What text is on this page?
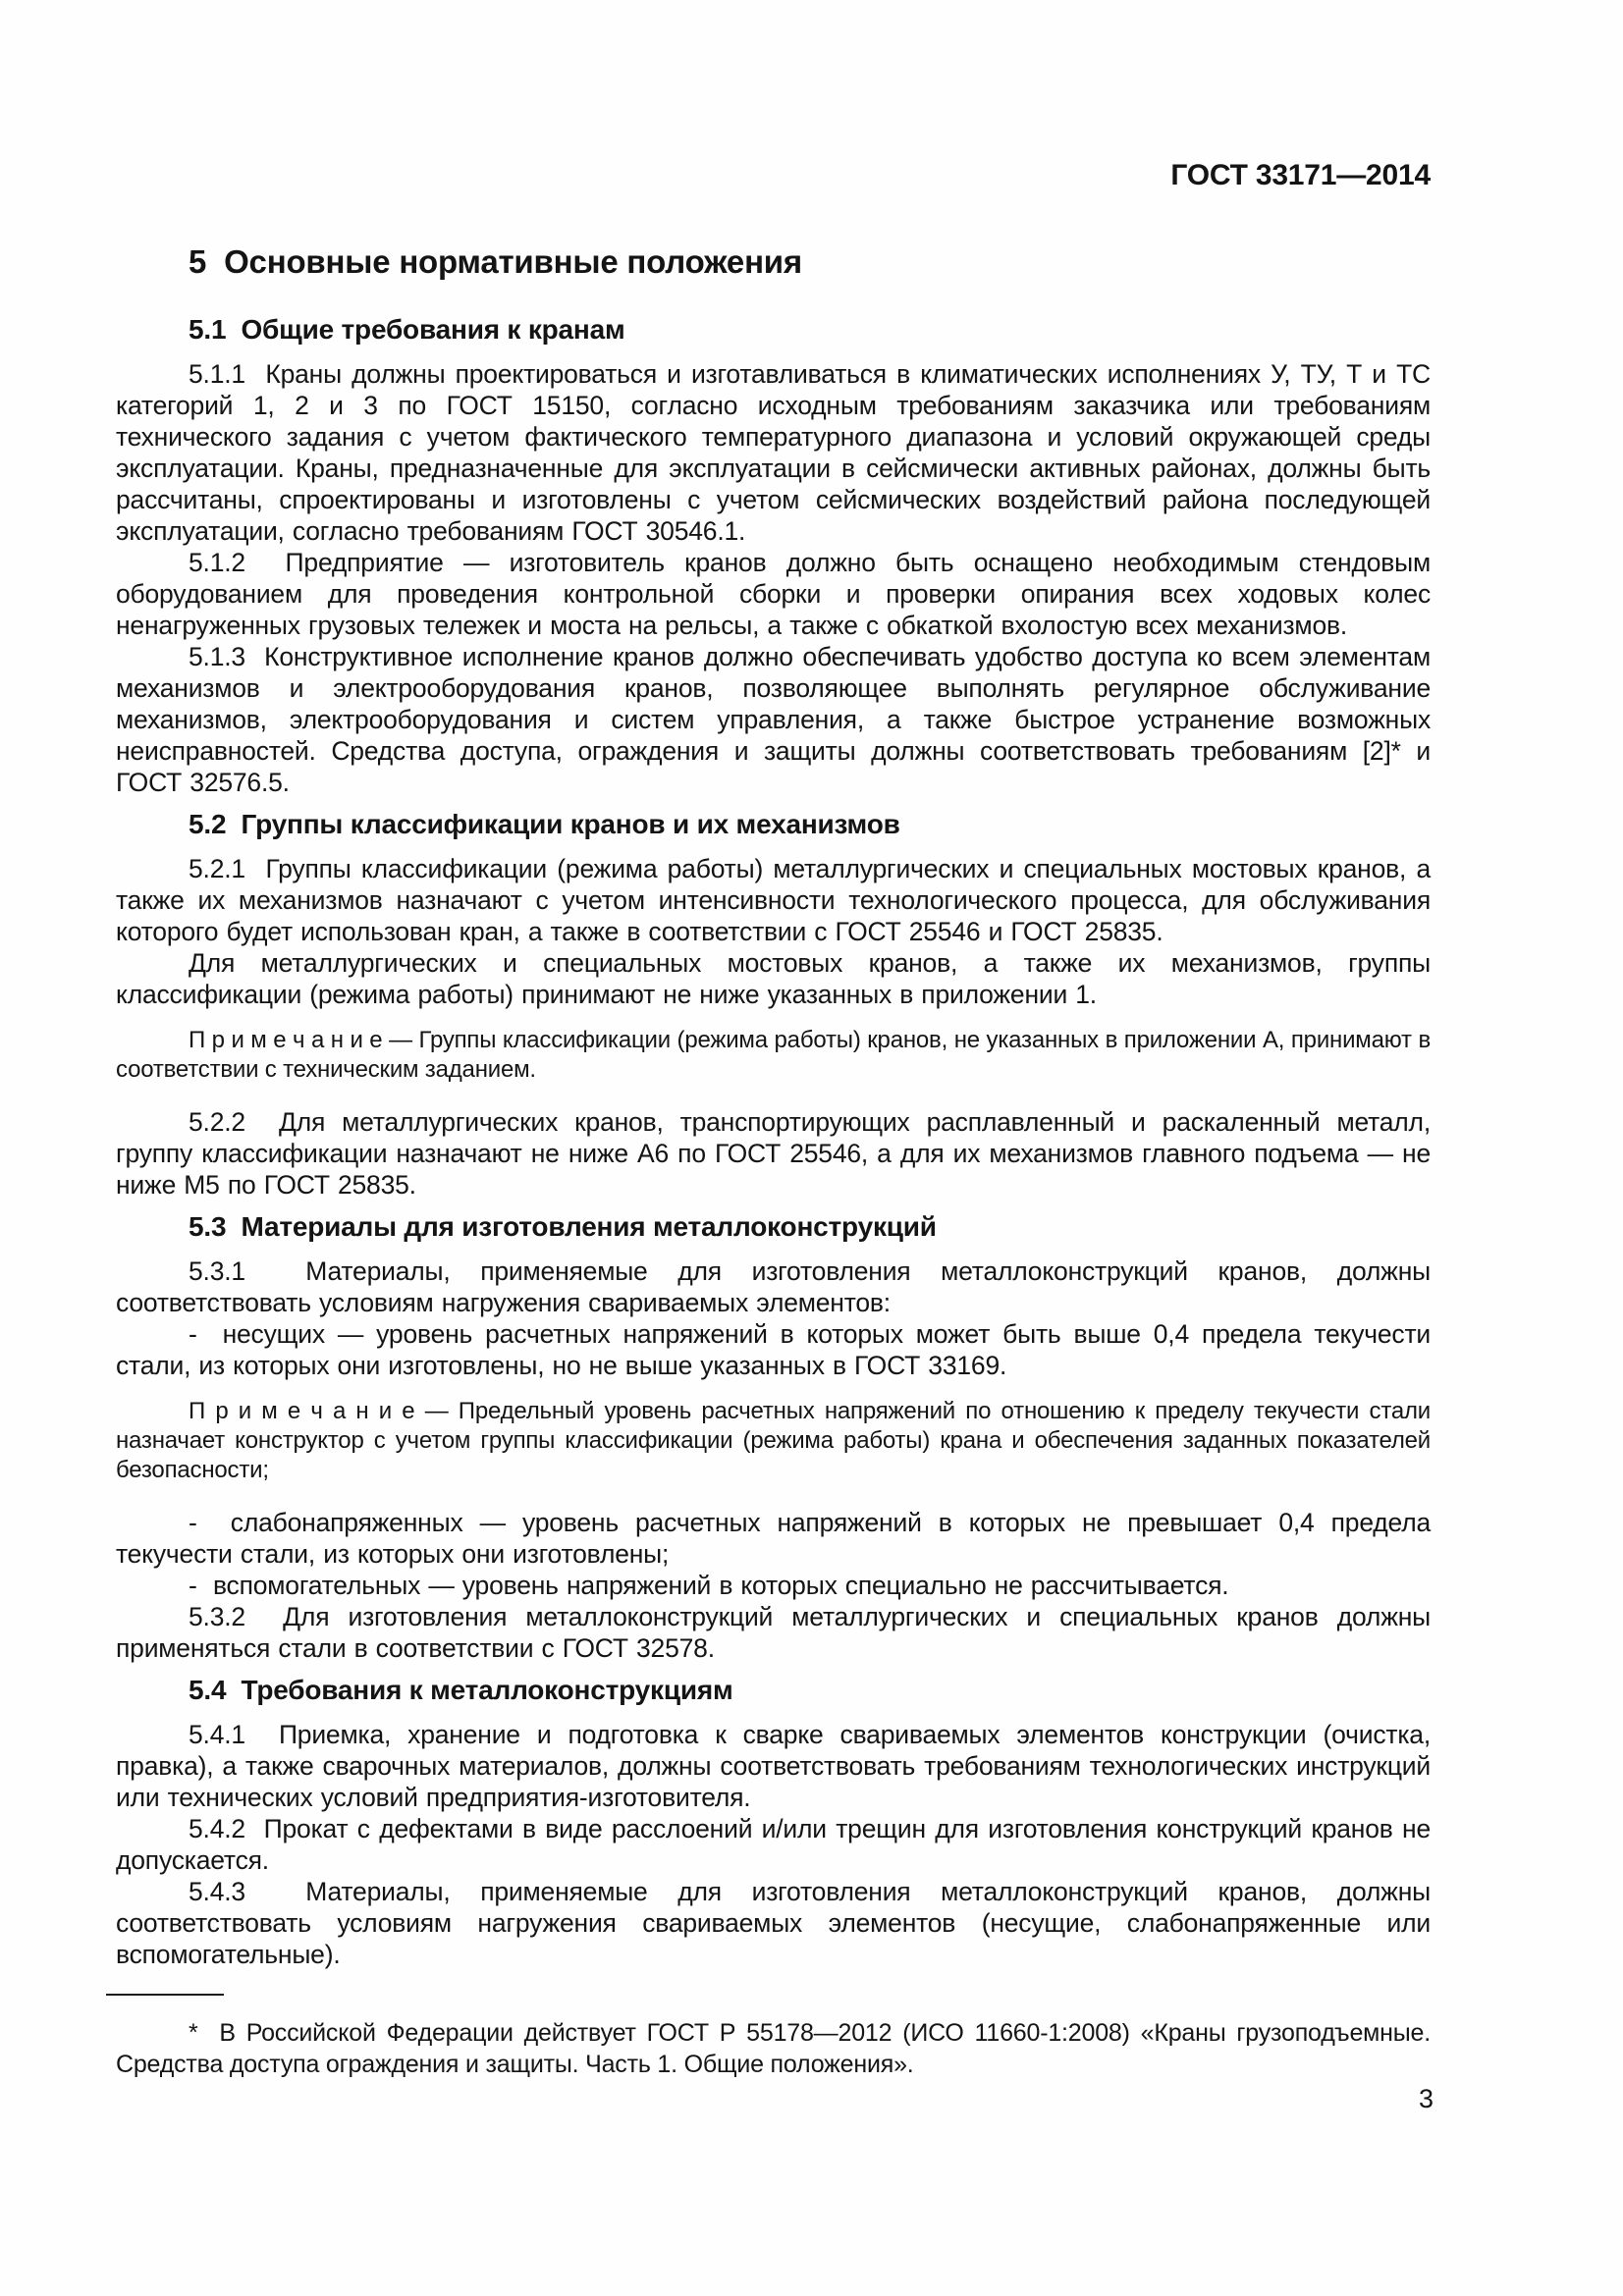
ГОСТ 33171—2014

5  Основные нормативные положения
5.1  Общие требования к кранам

5.1.1  Краны должны проектироваться и изготавливаться в климатических исполнениях У, ТУ, Т и ТС категорий 1, 2 и 3 по ГОСТ 15150, согласно исходным требованиям заказчика или требованиям технического задания с учетом фактического температурного диапазона и условий окружающей среды эксплуатации. Краны, предназначенные для эксплуатации в сейсмически активных районах, должны быть рассчитаны, спроектированы и изготовлены с учетом сейсмических воздействий района последующей эксплуатации, согласно требованиям ГОСТ 30546.1.

5.1.2  Предприятие — изготовитель кранов должно быть оснащено необходимым стендовым оборудованием для проведения контрольной сборки и проверки опирания всех ходовых колес ненагруженных грузовых тележек и моста на рельсы, а также с обкаткой вхолостую всех механизмов.

5.1.3  Конструктивное исполнение кранов должно обеспечивать удобство доступа ко всем элементам механизмов и электрооборудования кранов, позволяющее выполнять регулярное обслуживание механизмов, электрооборудования и систем управления, а также быстрое устранение возможных неисправностей. Средства доступа, ограждения и защиты должны соответствовать требованиям [2]* и ГОСТ 32576.5.

5.2  Группы классификации кранов и их механизмов

5.2.1  Группы классификации (режима работы) металлургических и специальных мостовых кранов, а также их механизмов назначают с учетом интенсивности технологического процесса, для обслуживания которого будет использован кран, а также в соответствии с ГОСТ 25546 и ГОСТ 25835.

Для металлургических и специальных мостовых кранов, а также их механизмов, группы классификации (режима работы) принимают не ниже указанных в приложении 1.

П р и м е ч а н и е — Группы классификации (режима работы) кранов, не указанных в приложении А, принимают в соответствии с техническим заданием.

5.2.2  Для металлургических кранов, транспортирующих расплавленный и раскаленный металл, группу классификации назначают не ниже А6 по ГОСТ 25546, а для их механизмов главного подъема — не ниже М5 по ГОСТ 25835.

5.3  Материалы для изготовления металлоконструкций

5.3.1  Материалы, применяемые для изготовления металлоконструкций кранов, должны соответствовать условиям нагружения свариваемых элементов:

-  несущих — уровень расчетных напряжений в которых может быть выше 0,4 предела текучести стали, из которых они изготовлены, но не выше указанных в ГОСТ 33169.

П р и м е ч а н и е — Предельный уровень расчетных напряжений по отношению к пределу текучести стали назначает конструктор с учетом группы классификации (режима работы) крана и обеспечения заданных показателей безопасности;

-  слабонапряженных — уровень расчетных напряжений в которых не превышает 0,4 предела текучести стали, из которых они изготовлены;

-  вспомогательных — уровень напряжений в которых специально не рассчитывается.

5.3.2  Для изготовления металлоконструкций металлургических и специальных кранов должны применяться стали в соответствии с ГОСТ 32578.

5.4  Требования к металлоконструкциям

5.4.1  Приемка, хранение и подготовка к сварке свариваемых элементов конструкции (очистка, правка), а также сварочных материалов, должны соответствовать требованиям технологических инструкций или технических условий предприятия-изготовителя.

5.4.2  Прокат с дефектами в виде расслоений и/или трещин для изготовления конструкций кранов не допускается.

5.4.3  Материалы, применяемые для изготовления металлоконструкций кранов, должны соответствовать условиям нагружения свариваемых элементов (несущие, слабонапряженные или вспомогательные).

*  В Российской Федерации действует ГОСТ Р 55178—2012 (ИСО 11660-1:2008) «Краны грузоподъемные. Средства доступа ограждения и защиты. Часть 1. Общие положения».

3
